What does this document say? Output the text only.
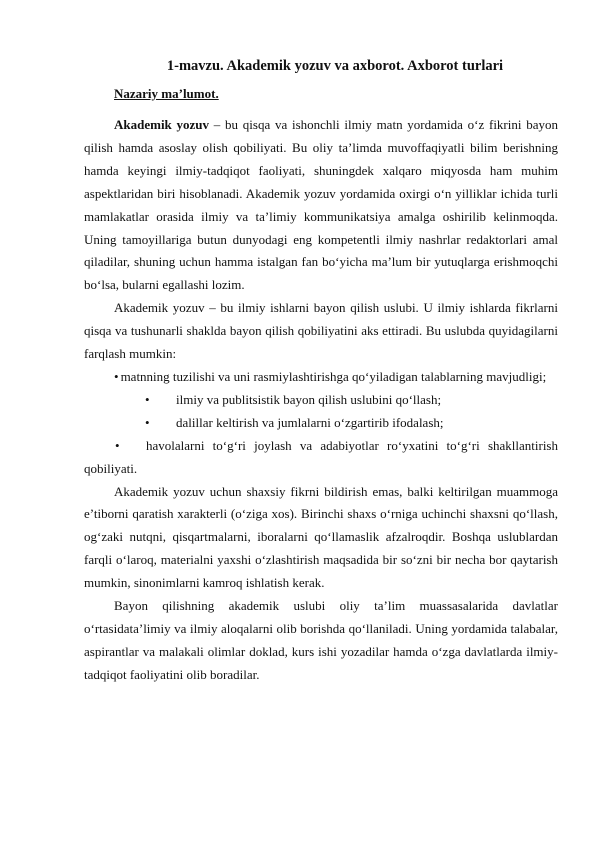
1-mavzu. Akademik yozuv va axborot. Axborot turlari
Nazariy ma’lumot.

Akademik yozuv – bu qisqa va ishonchli ilmiy matn yordamida o‘z fikrini bayon qilish hamda asoslay olish qobiliyati. Bu oliy ta’limda muvoffaqiyatli bilim berishning hamda keyingi ilmiy-tadqiqot faoliyati, shuningdek xalqaro miqyosda ham muhim aspektlaridan biri hisoblanadi. Akademik yozuv yordamida oxirgi o‘n yilliklar ichida turli mamlakatlar orasida ilmiy va ta’limiy kommunikatsiya amalga oshirilib kelinmoqda. Uning tamoyillariga butun dunyodagi eng kompetentli ilmiy nashrlar redaktorlari amal qiladilar, shuning uchun hamma istalgan fan bo‘yicha ma’lum bir yutuqlarga erishmoqchi bo‘lsa, bularni egallashi lozim.

Akademik yozuv – bu ilmiy ishlarni bayon qilish uslubi. U ilmiy ishlarda fikrlarni qisqa va tushunarli shaklda bayon qilish qobiliyatini aks ettiradi. Bu uslubda quyidagilarni farqlash mumkin:

• matnning tuzilishi va uni rasmiylashtirishga qo‘yiladigan talablarning mavjudligi;

• ilmiy va publitsistik bayon qilish uslubini qo‘llash;

• dalillar keltirish va jumlalarni o‘zgartirib ifodalash;

• havolalarni to‘g‘ri joylash va adabiyotlar ro‘yxatini to‘g‘ri shakllantirish qobiliyati.

Akademik yozuv uchun shaxsiy fikrni bildirish emas, balki keltirilgan muammoga e’tiborni qaratish xarakterli (o‘ziga xos). Birinchi shaxs o‘rniga uchinchi shaxsni qo‘llash, og‘zaki nutqni, qisqartmalarni, iboralarni qo‘llamaslik afzalroqdir. Boshqa uslublardan farqli o‘laroq, materialni yaxshi o‘zlashtirish maqsadida bir so‘zni bir necha bor qaytarish mumkin, sinonimlarni kamroq ishlatish kerak.

Bayon qilishning akademik uslubi oliy ta’lim muassasalarida davlatlar o‘rtasidata’limiy va ilmiy aloqalarni olib borishda qo‘llaniladi. Uning yordamida talabalar, aspirantlar va malakali olimlar doklad, kurs ishi yozadilar hamda o‘zga davlatlarda ilmiy-tadqiqot faoliyatini olib boradilar.
